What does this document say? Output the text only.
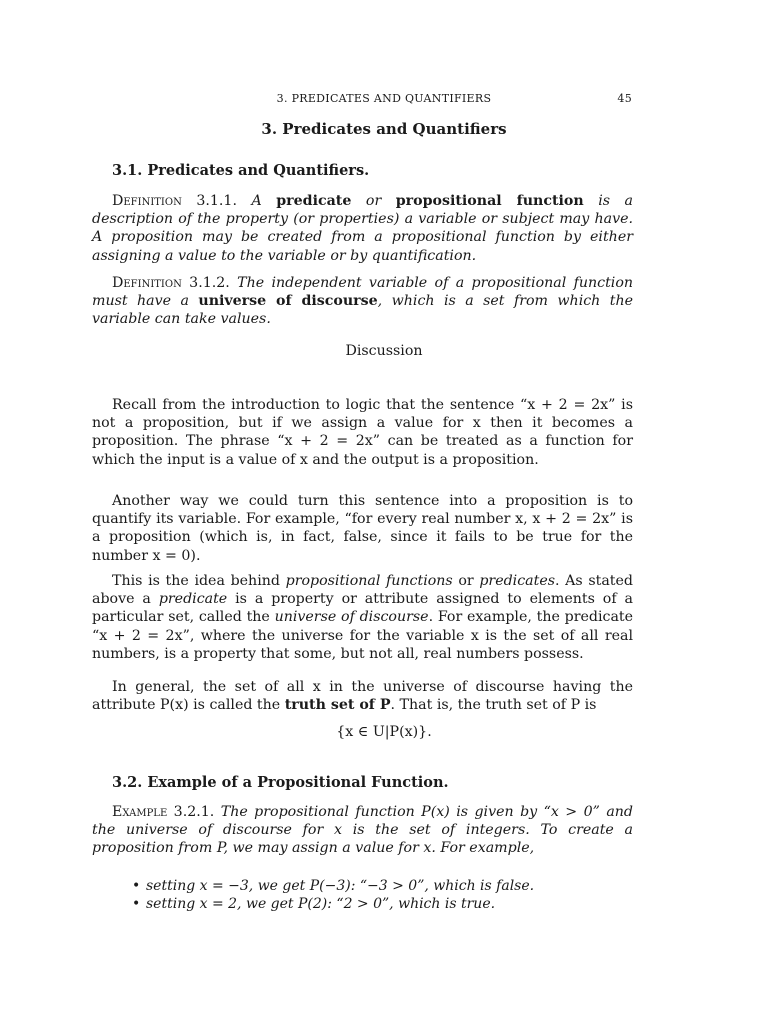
3. PREDICATES AND QUANTIFIERS	45
3. Predicates and Quantifiers
3.1. Predicates and Quantifiers.
Definition 3.1.1. A predicate or propositional function is a description of the property (or properties) a variable or subject may have. A proposition may be created from a propositional function by either assigning a value to the variable or by quantification.
Definition 3.1.2. The independent variable of a propositional function must have a universe of discourse, which is a set from which the variable can take values.
Discussion
Recall from the introduction to logic that the sentence “x + 2 = 2x” is not a proposition, but if we assign a value for x then it becomes a proposition. The phrase “x + 2 = 2x” can be treated as a function for which the input is a value of x and the output is a proposition.
Another way we could turn this sentence into a proposition is to quantify its variable. For example, “for every real number x, x + 2 = 2x” is a proposition (which is, in fact, false, since it fails to be true for the number x = 0).
This is the idea behind propositional functions or predicates. As stated above a predicate is a property or attribute assigned to elements of a particular set, called the universe of discourse. For example, the predicate “x + 2 = 2x”, where the universe for the variable x is the set of all real numbers, is a property that some, but not all, real numbers possess.
In general, the set of all x in the universe of discourse having the attribute P(x) is called the truth set of P. That is, the truth set of P is
{x ∈ U|P(x)}.
3.2. Example of a Propositional Function.
Example 3.2.1. The propositional function P(x) is given by “x > 0” and the universe of discourse for x is the set of integers. To create a proposition from P, we may assign a value for x. For example,
• setting x = −3, we get P(−3): “−3 > 0”, which is false.
• setting x = 2, we get P(2): “2 > 0”, which is true.
